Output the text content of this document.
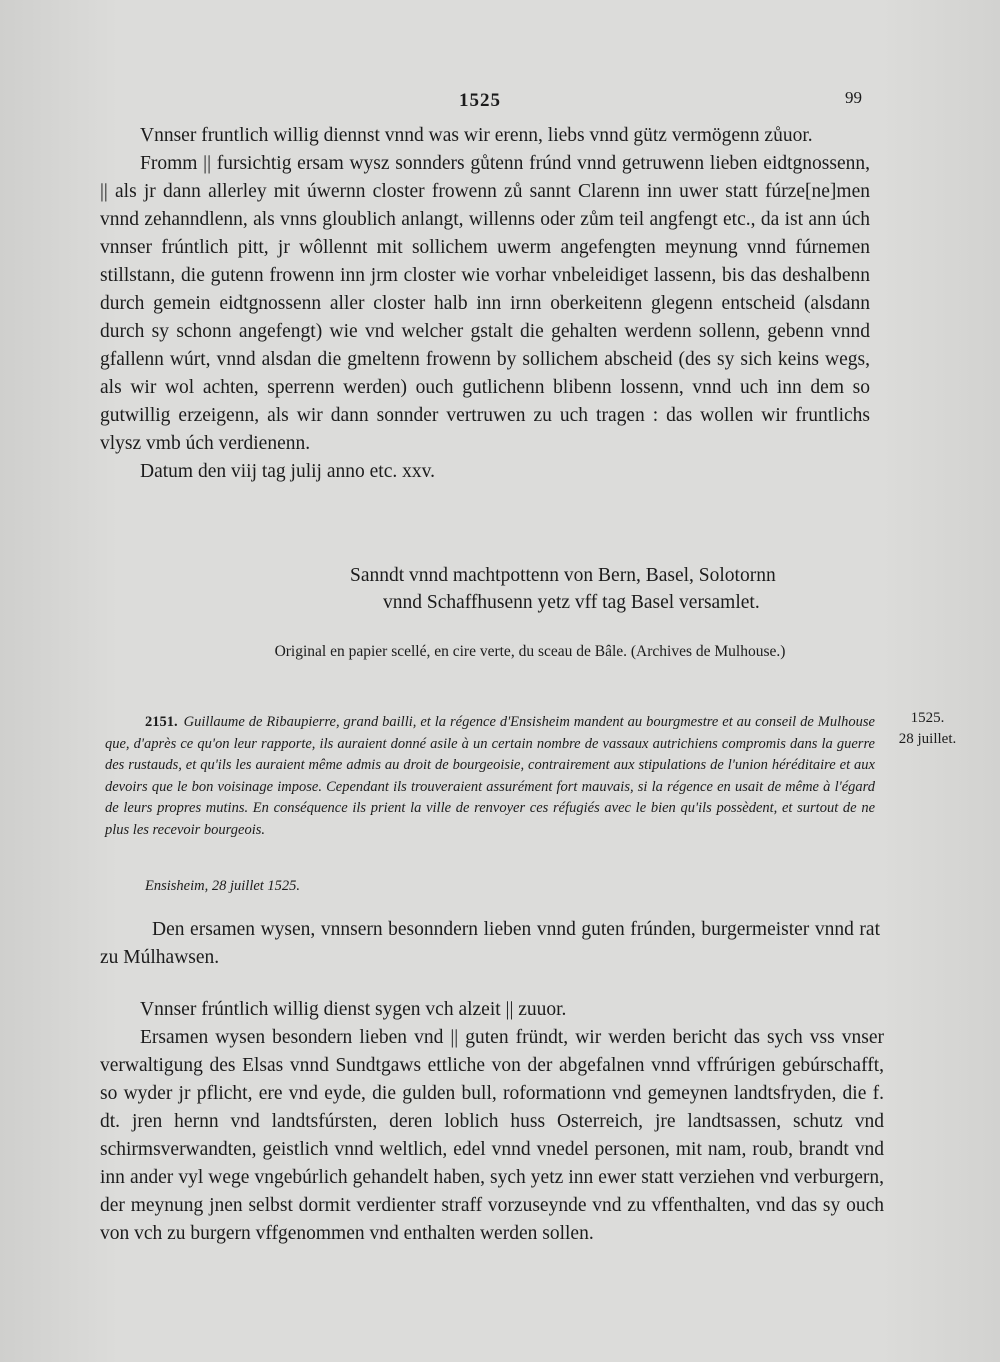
1525	99

Vnnser fruntlich willig diennst vnnd was wir erenn, liebs vnnd gütz vermögenn zůuor.

Fromm || fursichtig ersam wysz sonnders gůtenn frúnd vnnd getruwenn lieben eidtgnossenn, || als jr dann allerley mit úwernn closter frowenn zů sannt Clarenn inn uwer statt fúrze[ne]men vnnd zehanndlenn, als vnns gloublich anlangt, willenns oder zům teil angfengt etc., da ist ann úch vnnser frúntlich pitt, jr wôllennt mit sollichem uwerm angefengten meynung vnnd fúrnemen stillstann, die gutenn frowenn inn jrm closter wie vorhar vnbeleidiget lassenn, bis das deshalbenn durch gemein eidtgnossenn aller closter halb inn irnn oberkeitenn glegenn entscheid (alsdann durch sy schonn angefengt) wie vnd welcher gstalt die gehalten werdenn sollenn, gebenn vnnd gfallenn wúrt, vnnd alsdan die gmeltenn frowenn by sollichem abscheid (des sy sich keins wegs, als wir wol achten, sperrenn werden) ouch gutlichenn blibenn lossenn, vnnd uch inn dem so gutwillig erzeigenn, als wir dann sonnder vertruwen zu uch tragen : das wollen wir fruntlichs vlysz vmb úch verdienenn.

Datum den viij tag julij anno etc. xxv.

Sanndt vnnd machtpottenn von Bern, Basel, Solotornn
vnnd Schaffhusenn yetz vff tag Basel versamlet.
Original en papier scellé, en cire verte, du sceau de Bâle. (Archives de Mulhouse.)
2151. Guillaume de Ribaupierre, grand bailli, et la régence d'Ensisheim mandent au bourgmestre et au conseil de Mulhouse que, d'après ce qu'on leur rapporte, ils auraient donné asile à un certain nombre de vassaux autrichiens compromis dans la guerre des rustauds, et qu'ils les auraient même admis au droit de bourgeoisie, contrairement aux stipulations de l'union héréditaire et aux devoirs que le bon voisinage impose. Cependant ils trouveraient assurément fort mauvais, si la régence en usait de même à l'égard de leurs propres mutins. En conséquence ils prient la ville de renvoyer ces réfugiés avec le bien qu'ils possèdent, et surtout de ne plus les recevoir bourgeois.
Ensisheim, 28 juillet 1525.
1525.
28 juillet.
Den ersamen wysen, vnnsern besonndern lieben vnnd guten frúnden, burgermeister vnnd rat zu Múlhawsen.

Vnnser frúntlich willig dienst sygen vch alzeit || zuuor.

Ersamen wysen besondern lieben vnd || guten fründt, wir werden bericht das sych vss vnser verwaltigung des Elsas vnnd Sundtgaws ettliche von der abgefalnen vnnd vffrúrigen gebúrschafft, so wyder jr pflicht, ere vnd eyde, die gulden bull, roformationn vnd gemeynen landtsfryden, die f. dt. jren hernn vnd landtsfúrsten, deren loblich huss Osterreich, jre landtsassen, schutz vnd schirmsverwandten, geistlich vnnd weltlich, edel vnnd vnedel personen, mit nam, roub, brandt vnd inn ander vyl wege vngebúrlich gehandelt haben, sych yetz inn ewer statt verziehen vnd verburgern, der meynung jnen selbst dormit verdienter straff vorzuseynde vnd zu vffenthalten, vnd das sy ouch von vch zu burgern vffgenommen vnd enthalten werden sollen.
